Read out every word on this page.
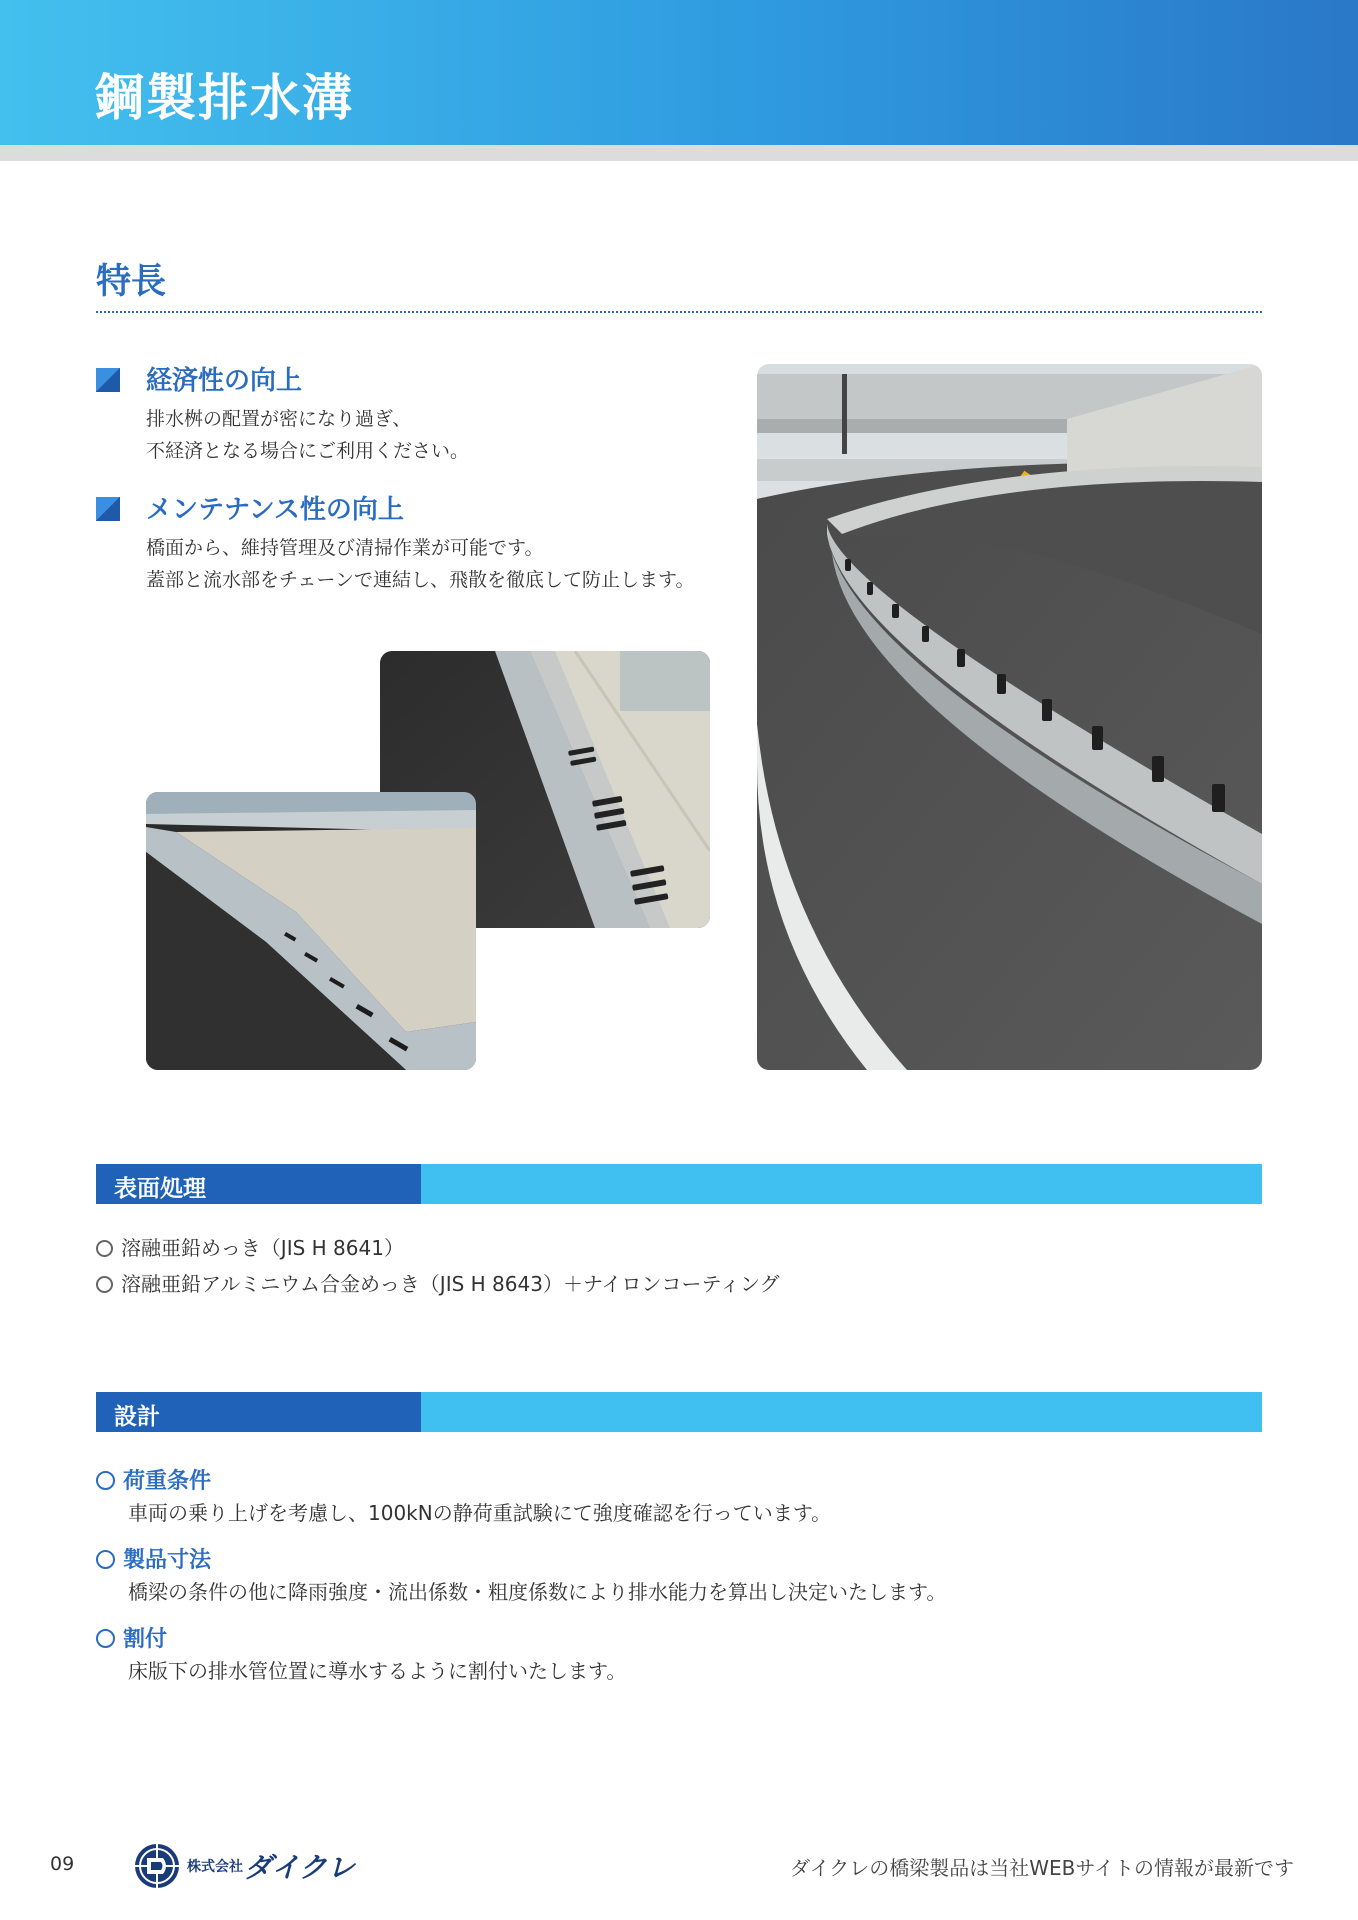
鋼製排水溝
特長
経済性の向上
排水桝の配置が密になり過ぎ、
不経済となる場合にご利用ください。
メンテナンス性の向上
橋面から、維持管理及び清掃作業が可能です。
蓋部と流水部をチェーンで連結し、飛散を徹底して防止します。
表面処理
溶融亜鉛めっき（JIS H 8641）
溶融亜鉛アルミニウム合金めっき（JIS H 8643）＋ナイロンコーティング
設計
荷重条件
車両の乗り上げを考慮し、100kNの静荷重試験にて強度確認を行っています。
製品寸法
橋梁の条件の他に降雨強度・流出係数・粗度係数により排水能力を算出し決定いたします。
割付
床版下の排水管位置に導水するように割付いたします。
09	株式会社 ダイクレ	ダイクレの橋梁製品は当社WEBサイトの情報が最新です
